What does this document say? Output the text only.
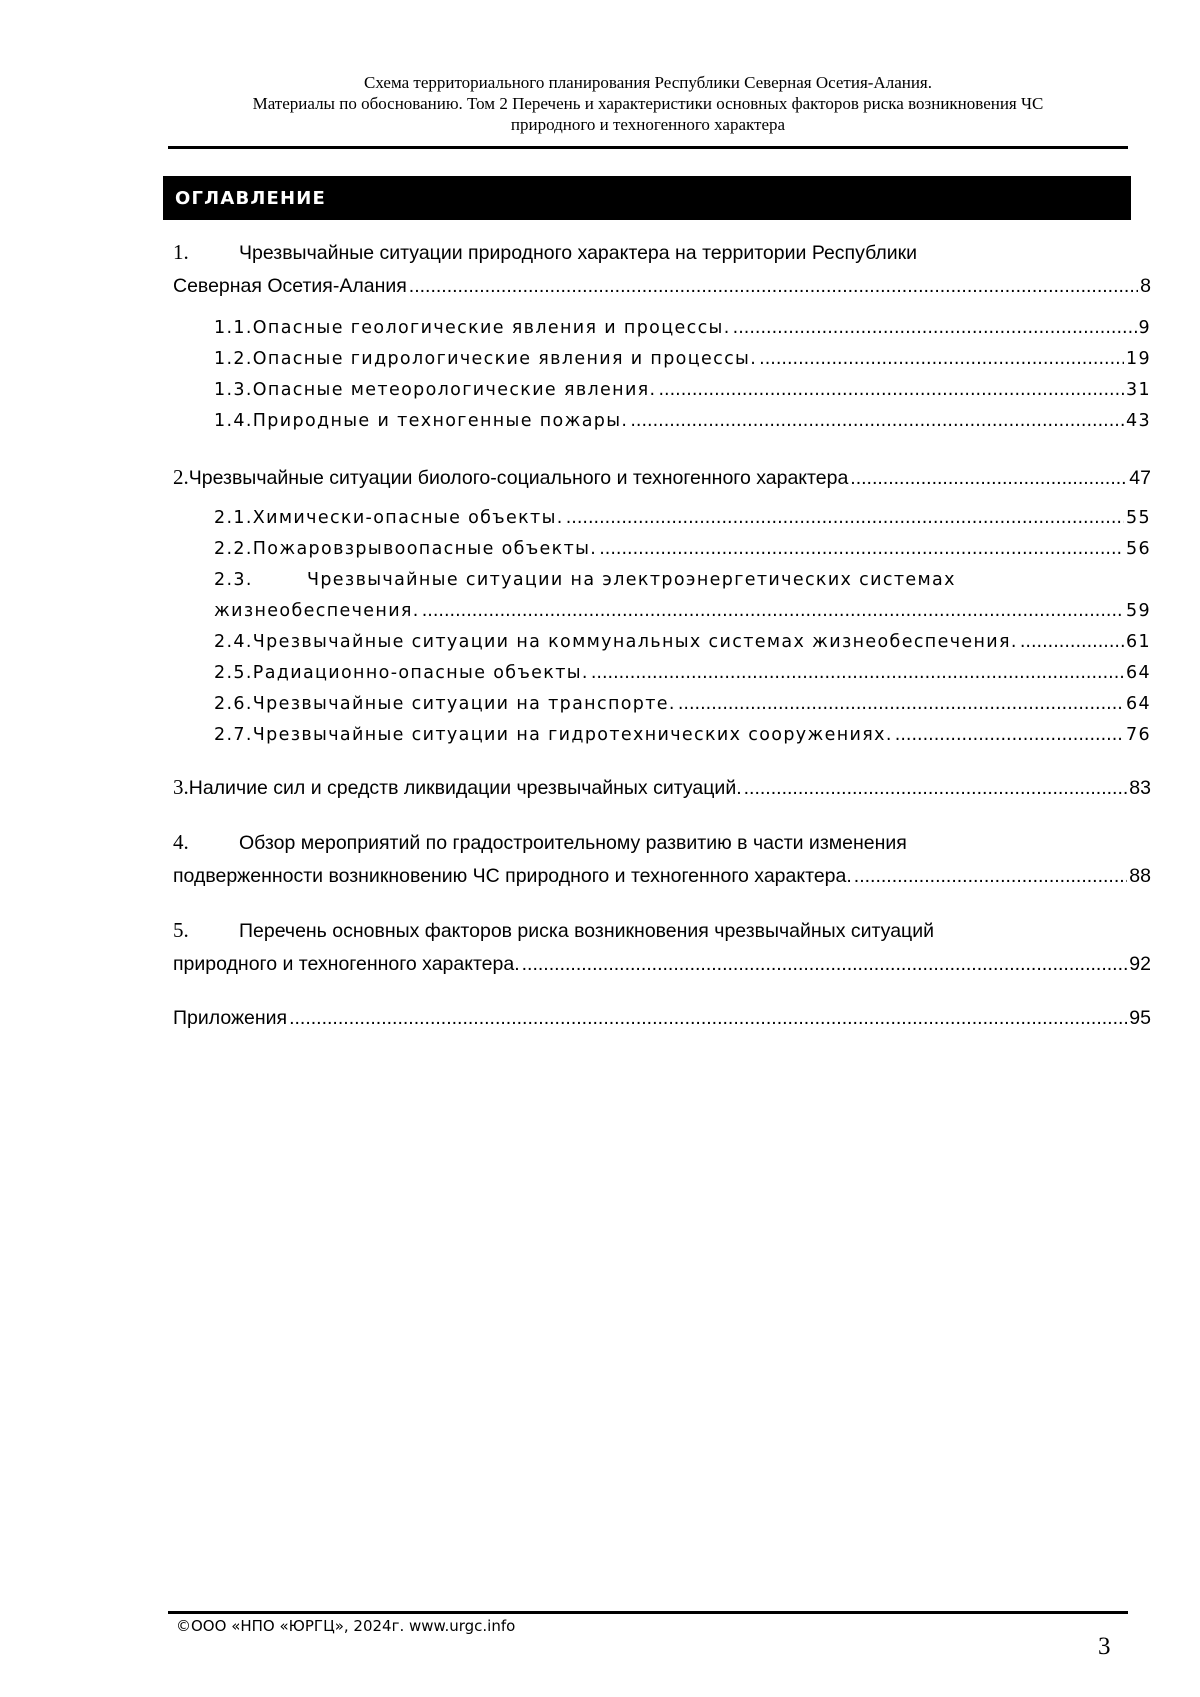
Схема территориального планирования Республики Северная Осетия-Алания.
Материалы по обоснованию. Том 2 Перечень и характеристики основных факторов риска возникновения ЧС
природного и техногенного характера
ОГЛАВЛЕНИЕ
1.	Чрезвычайные ситуации природного характера на территории Республики
Северная Осетия-Алания .....	8
1.1. Опасные геологические явления и процессы. .....	9
1.2. Опасные гидрологические явления и процессы. .....	19
1.3. Опасные метеорологические явления. .....	31
1.4. Природные и техногенные пожары. .....	43
2. Чрезвычайные ситуации биолого-социального и техногенного характера .....	47
2.1. Химически-опасные объекты. .....	55
2.2. Пожаровзрывоопасные объекты. .....	56
2.3.	Чрезвычайные ситуации на электроэнергетических системах
жизнеобеспечения. .....	59
2.4. Чрезвычайные ситуации на коммунальных системах жизнеобеспечения. .....	61
2.5. Радиационно-опасные объекты. .....	64
2.6. Чрезвычайные ситуации на транспорте. .....	64
2.7. Чрезвычайные ситуации на гидротехнических сооружениях. .....	76
3. Наличие сил и средств ликвидации чрезвычайных ситуаций. .....	83
4.	Обзор мероприятий по градостроительному развитию в части изменения
подверженности возникновению ЧС природного и техногенного характера. .....	88
5.	Перечень основных факторов риска возникновения чрезвычайных ситуаций
природного и техногенного характера. .....	92
Приложения .....	95
©ООО «НПО «ЮРГЦ», 2024г. www.urgc.info
3
